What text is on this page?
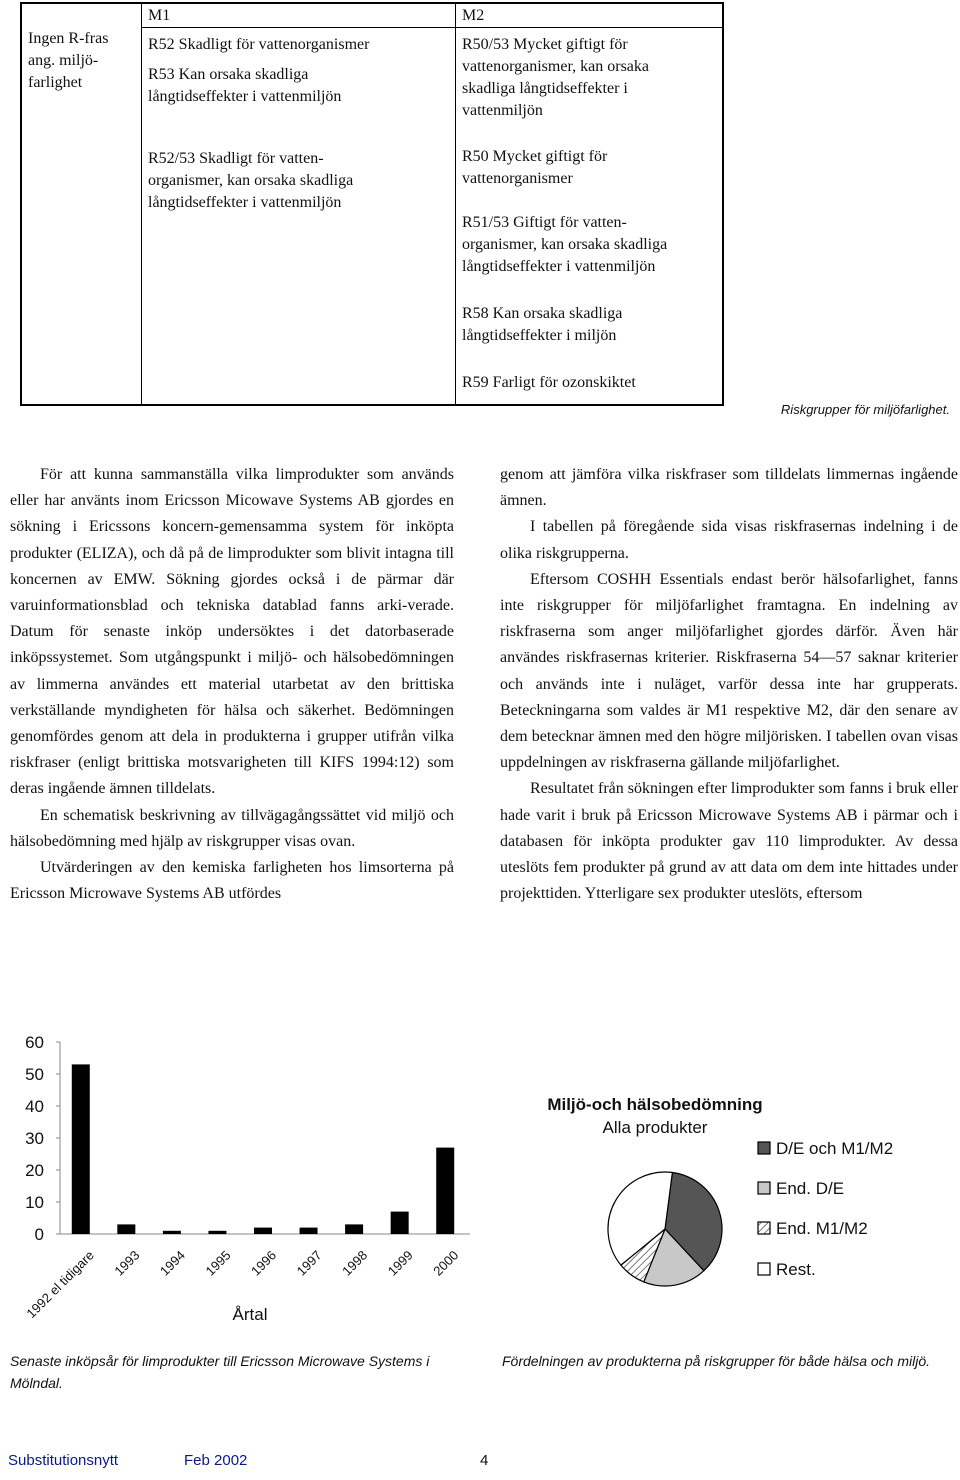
Ingen R-fras
ang. miljö-
farlighet
M1
R52 Skadligt för vattenorganismer
R53 Kan orsaka skadliga
långtidseffekter i vattenmiljön
R52/53 Skadligt för vatten-
organismer, kan orsaka skadliga
långtidseffekter i vattenmiljön
M2
R50/53 Mycket giftigt för
vattenorganismer, kan orsaka
skadliga långtidseffekter i
vattenmiljön
R50 Mycket giftigt för
vattenorganismer
R51/53 Giftigt för vatten-
organismer, kan orsaka skadliga
långtidseffekter i vattenmiljön
R58 Kan orsaka skadliga
långtidseffekter i miljön
R59 Farligt för ozonskiktet
Riskgrupper för miljöfarlighet.

För att kunna sammanställa vilka limprodukter som används eller har använts inom Ericsson Micowave Systems AB gjordes en sökning i Ericssons koncern-gemensamma system för inköpta produkter (ELIZA), och då på de limprodukter som blivit intagna till koncernen av EMW. Sökning gjordes också i de pärmar där varuinformationsblad och tekniska datablad fanns arki-verade. Datum för senaste inköp undersöktes i det datorbaserade inköpssystemet. Som utgångspunkt i miljö- och hälsobedömningen av limmerna användes ett material utarbetat av den brittiska verkställande myndigheten för hälsa och säkerhet. Bedömningen genomfördes genom att dela in produkterna i grupper utifrån vilka riskfraser (enligt brittiska motsvarigheten till KIFS 1994:12) som deras ingående ämnen tilldelats.

En schematisk beskrivning av tillvägagångssättet vid miljö och hälsobedömning med hjälp av riskgrupper visas ovan.

Utvärderingen av den kemiska farligheten hos limsorterna på Ericsson Microwave Systems AB utfördes

genom att jämföra vilka riskfraser som tilldelats limmernas ingående ämnen.

I tabellen på föregående sida visas riskfrasernas indelning i de olika riskgrupperna.

Eftersom COSHH Essentials endast berör hälsofarlighet, fanns inte riskgrupper för miljöfarlighet framtagna. En indelning av riskfraserna som anger miljöfarlighet gjordes därför. Även här användes riskfrasernas kriterier. Riskfraserna 54—57 saknar kriterier och används inte i nuläget, varför dessa inte har grupperats. Beteckningarna som valdes är M1 respektive M2, där den senare av dem betecknar ämnen med den högre miljörisken. I tabellen ovan visas uppdelningen av riskfraserna gällande miljöfarlighet.

Resultatet från sökningen efter limprodukter som fanns i bruk eller hade varit i bruk på Ericsson Microwave Systems AB i pärmar och i databasen för inköpta produkter gav 110 limprodukter. Av dessa uteslöts fem produkter på grund av att data om dem inte hittades under projekttiden. Ytterligare sex produkter uteslöts, eftersom

0
10
20
30
40
50
60
1992 el tidigare 1993 1994 1995 1996 1997 1998 1999 2000
Årtal
Miljö-och hälsobedömning
Alla produkter
D/E och M1/M2
End. D/E
End. M1/M2
Rest.
Senaste inköpsår för limprodukter till Ericsson Microwave Systems i Mölndal.
Fördelningen av produkterna på riskgrupper för både hälsa och miljö.
Substitutionsnytt	Feb 2002	4
